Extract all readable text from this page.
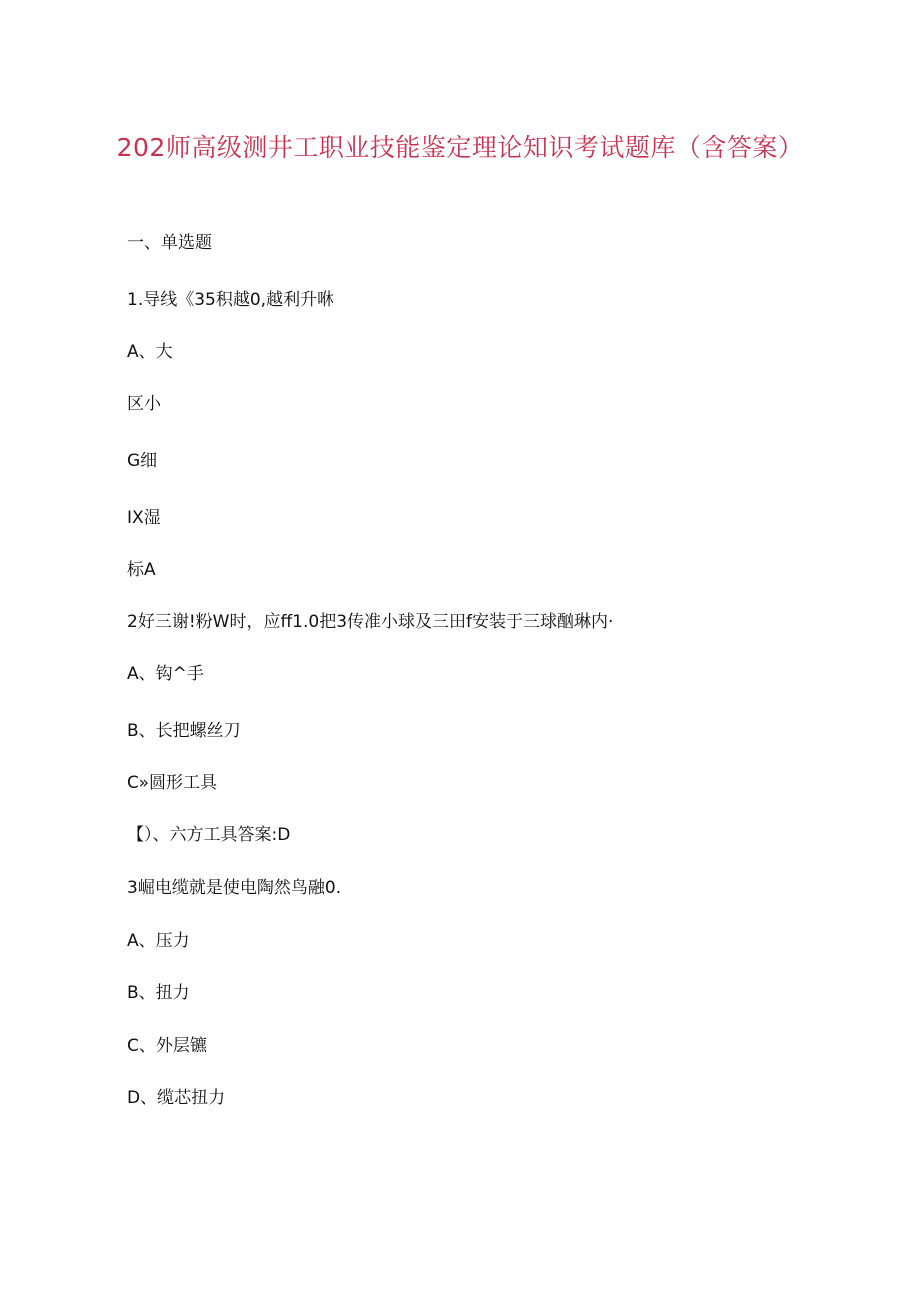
202师高级测井工职业技能鉴定理论知识考试题库（含答案）
一、单选题
1.导线《35积越0,越利升咻
A、大
区小
G细
IX湿
标A
2好三谢!粉W时，应ff1.0把3传准小球及三田f安装于三球酗琳内·
A、钩^手
B、长把螺丝刀
C»圆形工具
【）、六方工具答案:D
3崛电缆就是使电陶然鸟融0.
A、压力
B、扭力
C、外层镳
D、缆芯扭力
